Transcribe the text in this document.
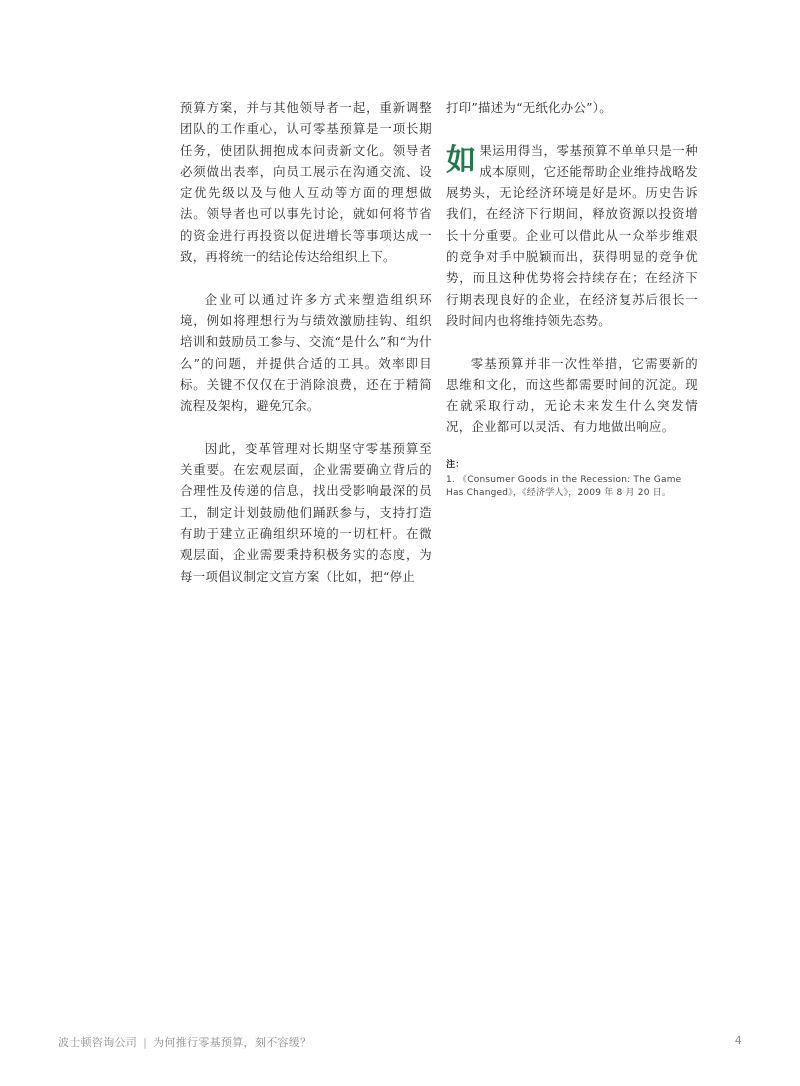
预算方案，并与其他领导者一起，重新调整团队的工作重心，认可零基预算是一项长期任务，使团队拥抱成本问责新文化。领导者必须做出表率，向员工展示在沟通交流、设定优先级以及与他人互动等方面的理想做法。领导者也可以事先讨论，就如何将节省的资金进行再投资以促进增长等事项达成一致，再将统一的结论传达给组织上下。

企业可以通过许多方式来塑造组织环境，例如将理想行为与绩效激励挂钩、组织培训和鼓励员工参与、交流“是什么”和“为什么”的问题，并提供合适的工具。效率即目标。关键不仅仅在于消除浪费，还在于精简流程及架构，避免冗余。

因此，变革管理对长期坚守零基预算至关重要。在宏观层面，企业需要确立背后的合理性及传递的信息，找出受影响最深的员工，制定计划鼓励他们踊跃参与，支持打造有助于建立正确组织环境的一切杠杆。在微观层面，企业需要秉持积极务实的态度，为每一项倡议制定文宣方案（比如，把“停止

打印”描述为“无纸化办公”）。

如果运用得当，零基预算不单单只是一种成本原则，它还能帮助企业维持战略发展势头，无论经济环境是好是坏。历史告诉我们，在经济下行期间，释放资源以投资增长十分重要。企业可以借此从一众举步维艰的竞争对手中脱颖而出，获得明显的竞争优势，而且这种优势将会持续存在；在经济下行期表现良好的企业，在经济复苏后很长一段时间内也将维持领先态势。

零基预算并非一次性举措，它需要新的思维和文化，而这些都需要时间的沉淀。现在就采取行动，无论未来发生什么突发情况，企业都可以灵活、有力地做出响应。

注：
1. 《Consumer Goods in the Recession: The Game Has Changed》，《经济学人》，2009 年 8 月 20 日。
波士顿咨询公司 | 为何推行零基预算，刻不容缓？	4
